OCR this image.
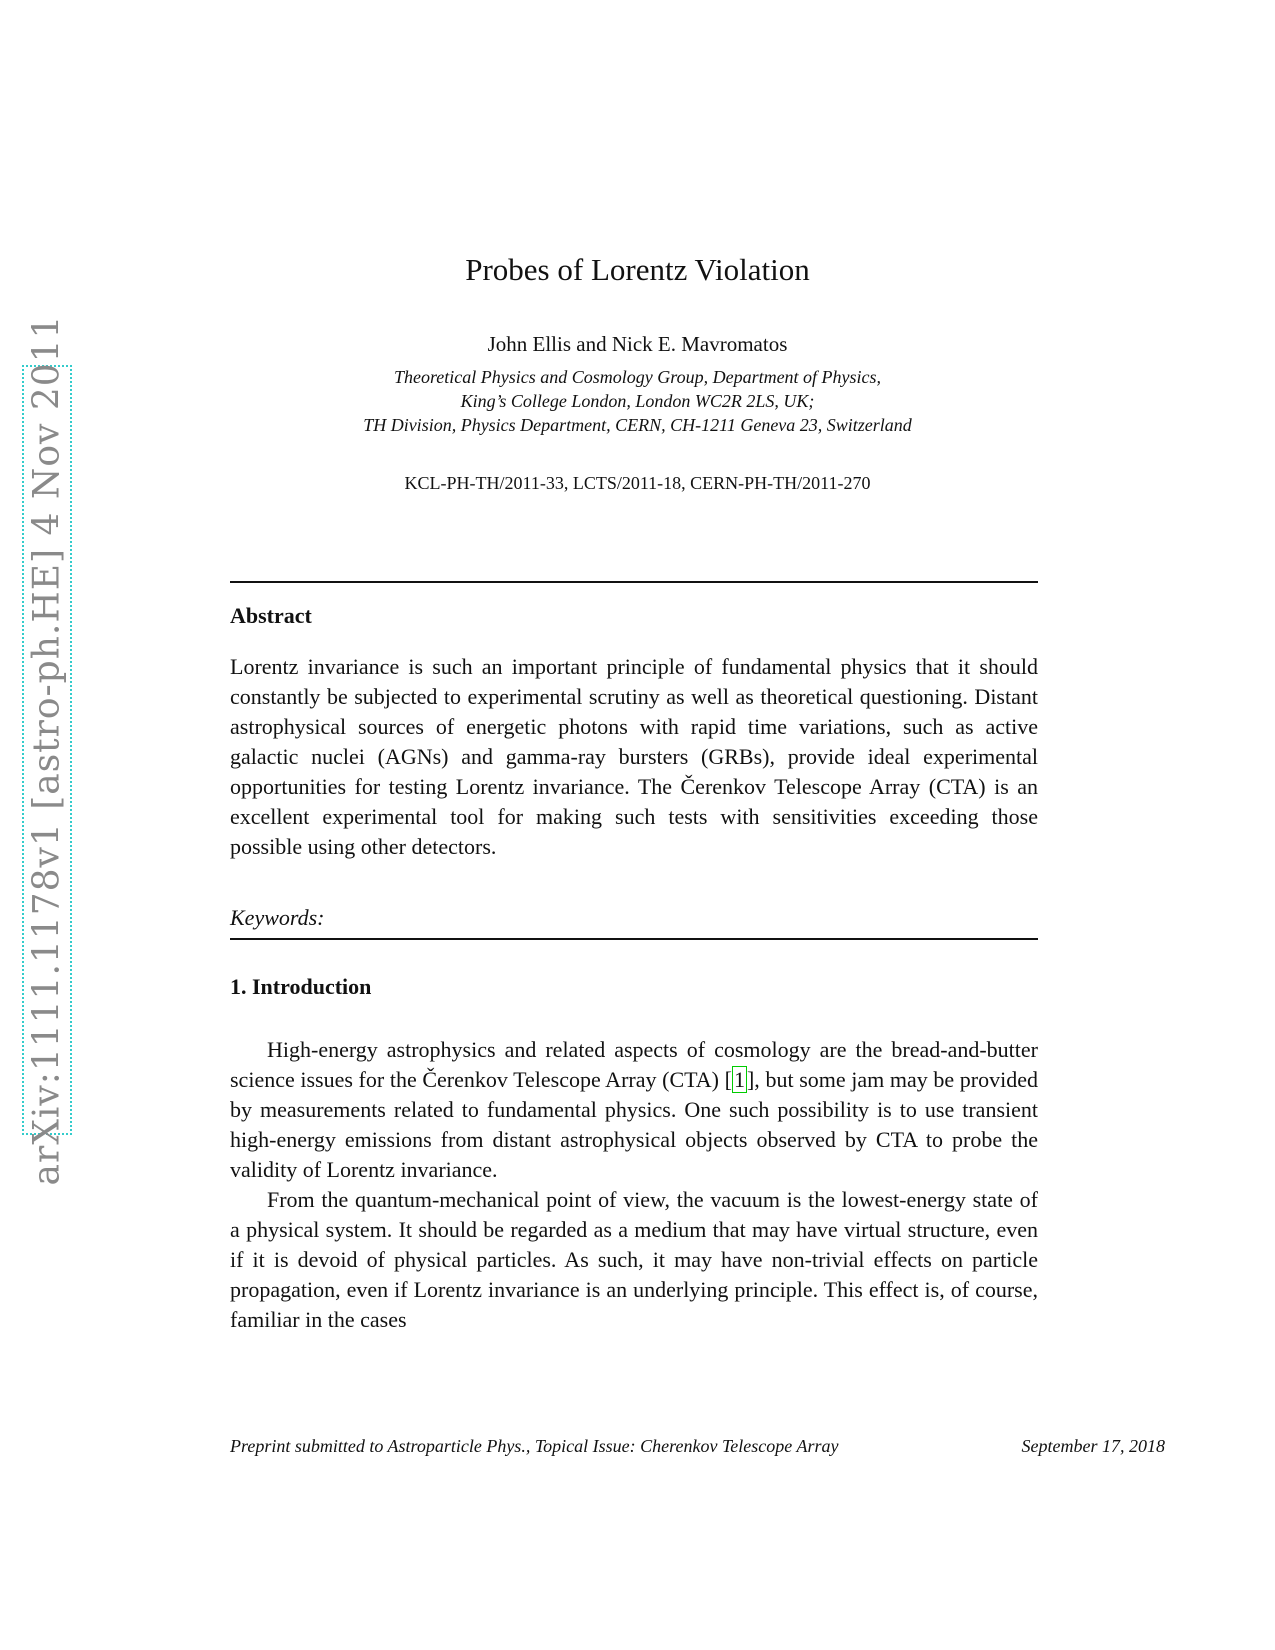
arXiv:1111.1178v1 [astro-ph.HE] 4 Nov 2011
Probes of Lorentz Violation
John Ellis and Nick E. Mavromatos
Theoretical Physics and Cosmology Group, Department of Physics,
King’s College London, London WC2R 2LS, UK;
TH Division, Physics Department, CERN, CH-1211 Geneva 23, Switzerland
KCL-PH-TH/2011-33, LCTS/2011-18, CERN-PH-TH/2011-270
Abstract

Lorentz invariance is such an important principle of fundamental physics that it should constantly be subjected to experimental scrutiny as well as theoretical questioning. Distant astrophysical sources of energetic photons with rapid time variations, such as active galactic nuclei (AGNs) and gamma-ray bursters (GRBs), provide ideal experimental opportunities for testing Lorentz invariance. The Čerenkov Telescope Array (CTA) is an excellent experimental tool for making such tests with sensitivities exceeding those possible using other detectors.

Keywords:
1. Introduction

High-energy astrophysics and related aspects of cosmology are the bread-and-butter science issues for the Čerenkov Telescope Array (CTA) [1], but some jam may be provided by measurements related to fundamental physics. One such possibility is to use transient high-energy emissions from distant astrophysical objects observed by CTA to probe the validity of Lorentz invariance.

From the quantum-mechanical point of view, the vacuum is the lowest-energy state of a physical system. It should be regarded as a medium that may have virtual structure, even if it is devoid of physical particles. As such, it may have non-trivial effects on particle propagation, even if Lorentz invariance is an underlying principle. This effect is, of course, familiar in the cases

Preprint submitted to Astroparticle Phys., Topical Issue: Cherenkov Telescope Array	September 17, 2018
